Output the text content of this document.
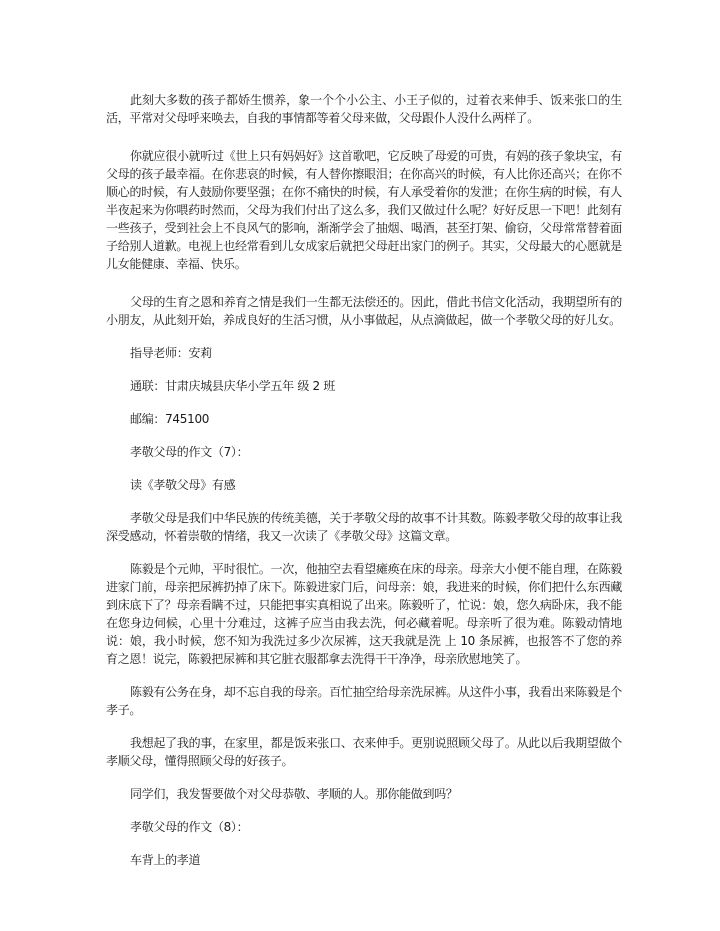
此刻大多数的孩子都娇生惯养，象一个个小公主、小王子似的，过着衣来伸手、饭来张口的生活，平常对父母呼来唤去，自我的事情都等着父母来做，父母跟仆人没什么两样了。

你就应很小就听过《世上只有妈妈好》这首歌吧，它反映了母爱的可贵，有妈的孩子象块宝，有父母的孩子最幸福。在你悲哀的时候，有人替你擦眼泪；在你高兴的时候，有人比你还高兴；在你不顺心的时候，有人鼓励你要坚强；在你不痛快的时候，有人承受着你的发泄；在你生病的时候，有人半夜起来为你喂药时然而，父母为我们付出了这么多，我们又做过什么呢？好好反思一下吧！此刻有一些孩子，受到社会上不良风气的影响，渐渐学会了抽烟、喝酒，甚至打架、偷窃，父母常常替着面子给别人道歉。电视上也经常看到儿女成家后就把父母赶出家门的例子。其实，父母最大的心愿就是儿女能健康、幸福、快乐。

父母的生育之恩和养育之情是我们一生都无法偿还的。因此，借此书信文化活动，我期望所有的小朋友，从此刻开始，养成良好的生活习惯，从小事做起，从点滴做起，做一个孝敬父母的好儿女。

指导老师：安莉

通联：甘肃庆城县庆华小学五年 级 2 班

邮编：745100

孝敬父母的作文（7）：

读《孝敬父母》有感

孝敬父母是我们中华民族的传统美德，关于孝敬父母的故事不计其数。陈毅孝敬父母的故事让我深受感动，怀着崇敬的情绪，我又一次读了《孝敬父母》这篇文章。

陈毅是个元帅，平时很忙。一次，他抽空去看望瘫痪在床的母亲。母亲大小便不能自理，在陈毅进家门前，母亲把尿裤扔掉了床下。陈毅进家门后，问母亲：娘，我进来的时候，你们把什么东西藏到床底下了？母亲看瞒不过，只能把事实真相说了出来。陈毅听了，忙说：娘，您久病卧床，我不能在您身边伺候，心里十分难过，这裤子应当由我去洗，何必藏着呢。母亲听了很为难。陈毅动情地说：娘，我小时候，您不知为我洗过多少次尿裤，这天我就是洗 上 10 条尿裤，也报答不了您的养育之恩！说完，陈毅把尿裤和其它脏衣服都拿去洗得干干净净，母亲欣慰地笑了。

陈毅有公务在身，却不忘自我的母亲。百忙抽空给母亲洗尿裤。从这件小事，我看出来陈毅是个孝子。

我想起了我的事，在家里，都是饭来张口、衣来伸手。更别说照顾父母了。从此以后我期望做个孝顺父母，懂得照顾父母的好孩子。

同学们，我发誓要做个对父母恭敬、孝顺的人。那你能做到吗？

孝敬父母的作文（8）：

车背上的孝道
